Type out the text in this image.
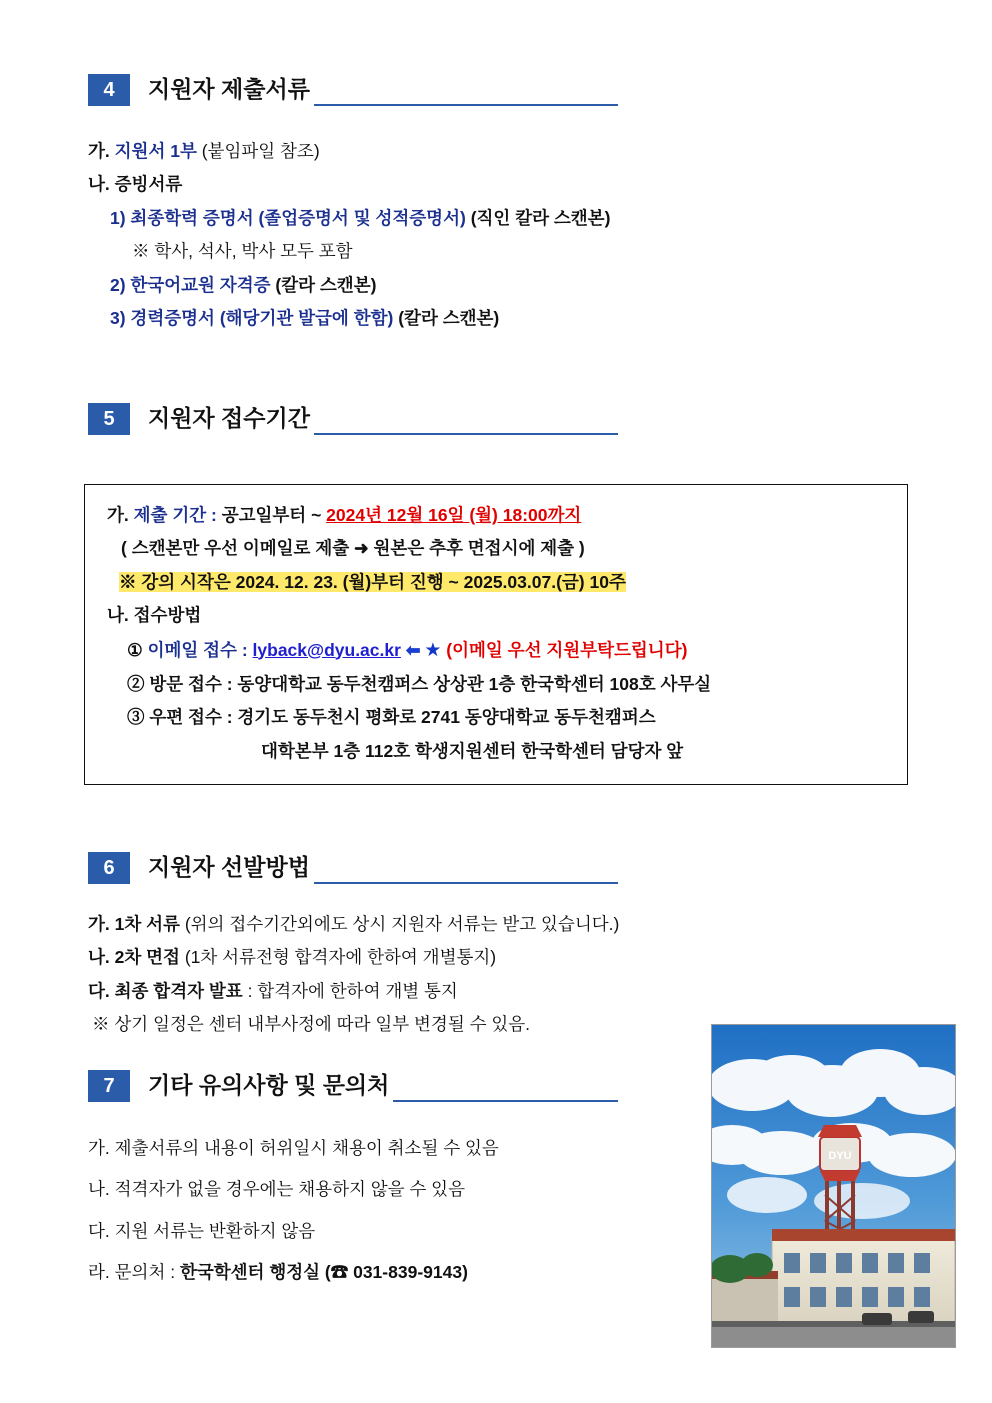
4	지원자 제출서류
가. 지원서 1부 (붙임파일 참조)
나. 증빙서류
1) 최종학력 증명서 (졸업증명서 및 성적증명서) (직인 칼라 스캔본)
※ 학사, 석사, 박사 모두 포함
2) 한국어교원 자격증 (칼라 스캔본)
3) 경력증명서 (해당기관 발급에 한함) (칼라 스캔본)
5	지원자 접수기간
가. 제출 기간 : 공고일부터 ~ 2024년 12월 16일 (월) 18:00까지
( 스캔본만 우선 이메일로 제출 ➜ 원본은 추후 면접시에 제출 )
※ 강의 시작은 2024. 12. 23. (월)부터 진행 ~ 2025.03.07.(금) 10주
나. 접수방법
① 이메일 접수 : lyback@dyu.ac.kr ⬅ ★ (이메일 우선 지원부탁드립니다)
② 방문 접수 : 동양대학교 동두천캠퍼스 상상관 1층 한국학센터 108호 사무실
③ 우편 접수 : 경기도 동두천시 평화로 2741 동양대학교 동두천캠퍼스
대학본부 1층 112호 학생지원센터 한국학센터 담당자 앞
6	지원자 선발방법
가. 1차 서류 (위의 접수기간외에도 상시 지원자 서류는 받고 있습니다.)
나. 2차 면접 (1차 서류전형 합격자에 한하여 개별통지)
다. 최종 합격자 발표 : 합격자에 한하여 개별 통지
※ 상기 일정은 센터 내부사정에 따라 일부 변경될 수 있음.
7	기타 유의사항 및 문의처
가. 제출서류의 내용이 허위일시 채용이 취소될 수 있음
나. 적격자가 없을 경우에는 채용하지 않을 수 있음
다. 지원 서류는 반환하지 않음
라. 문의처 : 한국학센터 행정실 (☎ 031-839-9143)
DYU
